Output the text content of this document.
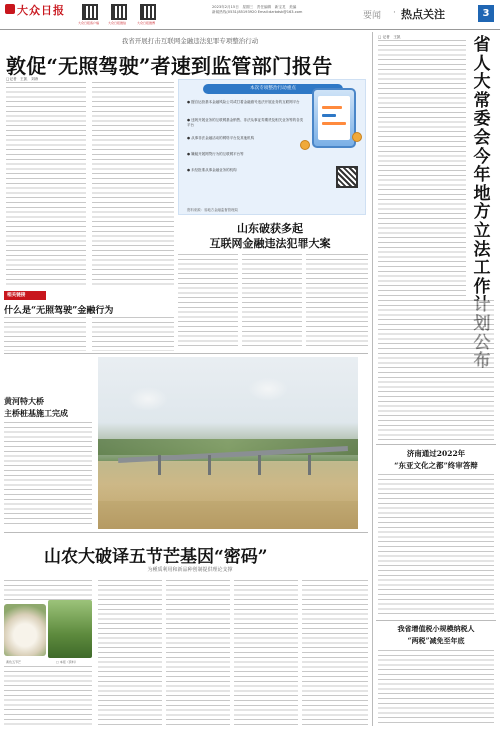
大众日报
大众日报客户端	大众日报微信	大众日报微博
2023年2月15日　星期三　责任编辑　新宝龙　美编　
新闻热线(0531)85193920 Email:dzrbdsk@163.com	要闻 · 热点关注	3
我省开展打击互联网金融违法犯罪专项整治行动
敦促“无照驾驶”者速到监管部门报告
□记者　王凯　刘涛
本次专项整治行动重点
● 擅自运营基本金融风险公司或打着金融旗号违法开展业务的互联网平台
● 违规开展业务的互联网基金销售、非法从事证券期货及相关业务等的各类平台
● 从事非法金融活动的网络平台及其他机构
● 嫌疑开展网贷行为的互联网平台等
● 未经批准从事金融业务的机构
资料来源：省地方金融监督管理局
山东破获多起
互联网金融违法犯罪大案
相关链接
什么是“无照驾驶”金融行为
黄河特大桥
主桥桩基施工完成
山农大破译五节芒基因“密码”
为種质利用和新品种创制提供理论支撑
黄色五节芒	□ 本报（资料）
□ 记者　王凯	省人大常委会今年地方立法工作
济南通过2022年
“东亚文化之都”终审答辩
我省增值税小规模纳税人
“两税”减免至年底
